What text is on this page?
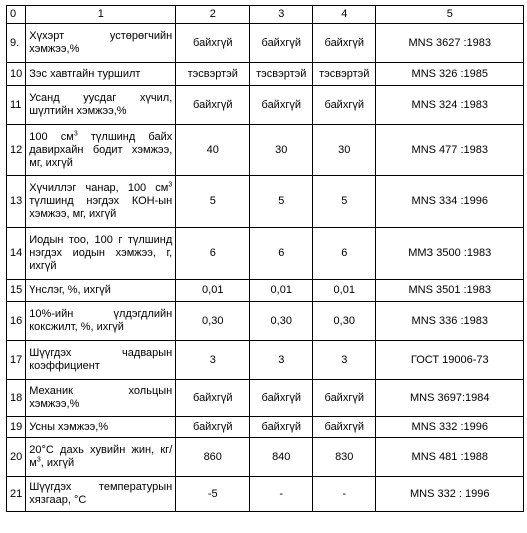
0	1	2	3	4	5
9.	Хүхэрт устөрөгчийн хэмжээ,%	байхгүй	байхгүй	байхгүй	MNS 3627 :1983
10	Зэс хавтгайн туршилт	тэсвэртэй	тэсвэртэй	тэсвэртэй	MNS 326 :1985
11	Усанд уусдаг хүчил, шүлтийн хэмжээ,%	байхгүй	байхгүй	байхгүй	MNS 324 :1983
12	100 $см^3$ түлшинд байх давирхайн бодит хэмжээ, мг, ихгүй	40	30	30	MNS 477 :1983
13	Хүчиллэг чанар, 100 $см^3$ түлшинд нэгдэх КОН-ын хэмжээ, мг, ихгүй	5	5	5	MNS 334 :1996
14	Иодын тоо, 100 г түлшинд нэгдэх иодын хэмжээ, г, ихгүй	6	6	6	МMЗ 3500 :1983
15	Үнслэг, %, ихгүй	0,01	0,01	0,01	MNS 3501 :1983
16	10%-ийн үлдэгдлийн коксжилт, %, ихгүй	0,30	0,30	0,30	MNS 336 :1983
17	Шүүгдэх чадварын коэффициент	3	3	3	ГОСТ 19006-73
18	Механик хольцын хэмжээ,%	байхгүй	байхгүй	байхгүй	MNS 3697:1984
19	Усны хэмжээ,%	байхгүй	байхгүй	байхгүй	MNS 332 :1996
20	20°С дахь хувийн жин, $кг/м^3$, ихгүй	860	840	830	MNS 481 :1988
21	Шүүгдэх температурын хязгаар, °С	-5	-	-	MNS 332 : 1996
